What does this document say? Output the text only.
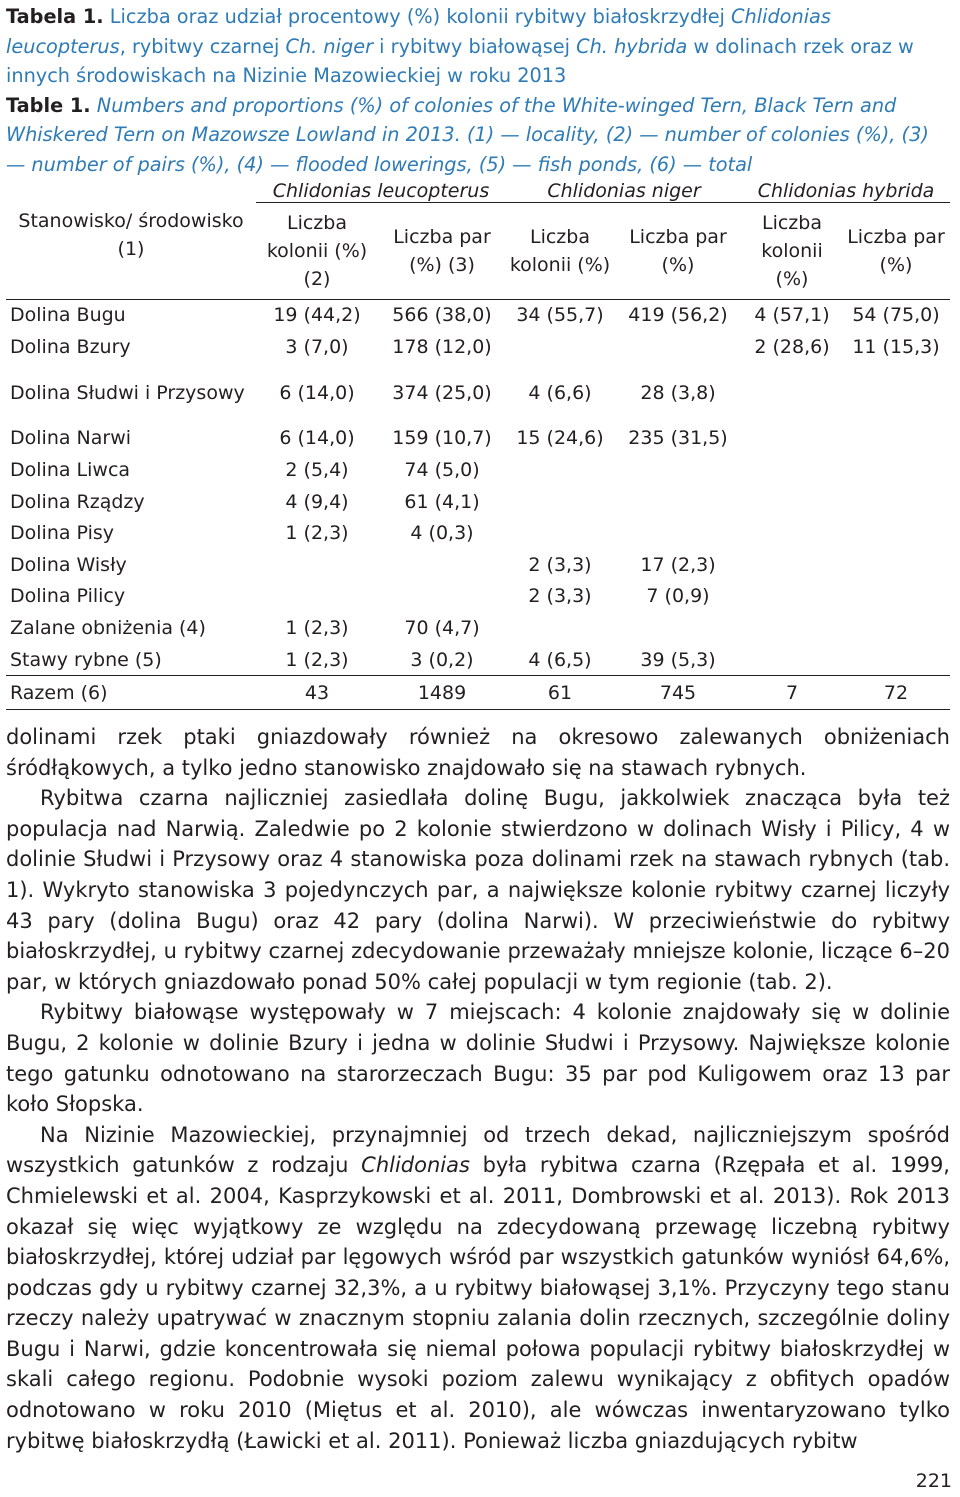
Tabela 1. Liczba oraz udział procentowy (%) kolonii rybitwy białoskrzydłej Chlidonias leucopterus, rybitwy czarnej Ch. niger i rybitwy białowąsej Ch. hybrida w dolinach rzek oraz w innych środowiskach na Nizinie Mazowieckiej w roku 2013

Table 1. Numbers and proportions (%) of colonies of the White-winged Tern, Black Tern and Whiskered Tern on Mazowsze Lowland in 2013. (1) — locality, (2) — number of colonies (%), (3) — number of pairs (%), (4) — flooded lowerings, (5) — fish ponds, (6) — total

	Chlidonias leucopterus		Chlidonias niger		Chlidonias hybrida	
Stanowisko/ środowisko (1)	Liczba kolonii (%) (2)	Liczba par (%) (3)	Liczba kolonii (%)	Liczba par (%)	Liczba kolonii (%)	Liczba par (%)
Dolina Bugu	19 (44,2)	566 (38,0)	34 (55,7)	419 (56,2)	4 (57,1)	54 (75,0)
Dolina Bzury	3 (7,0)	178 (12,0)			2 (28,6)	11 (15,3)
Dolina Słudwi i Przysowy	6 (14,0)	374 (25,0)	4 (6,6)	28 (3,8)		
Dolina Narwi	6 (14,0)	159 (10,7)	15 (24,6)	235 (31,5)		
Dolina Liwca	2 (5,4)	74 (5,0)				
Dolina Rządzy	4 (9,4)	61 (4,1)				
Dolina Pisy	1 (2,3)	4 (0,3)				
Dolina Wisły			2 (3,3)	17 (2,3)		
Dolina Pilicy			2 (3,3)	7 (0,9)		
Zalane obniżenia (4)	1 (2,3)	70 (4,7)				
Stawy rybne (5)	1 (2,3)	3 (0,2)	4 (6,5)	39 (5,3)		
Razem (6)	43	1489	61	745	7	72

dolinami rzek ptaki gniazdowały również na okresowo zalewanych obniżeniach śródłąkowych, a tylko jedno stanowisko znajdowało się na stawach rybnych.

Rybitwa czarna najliczniej zasiedlała dolinę Bugu, jakkolwiek znacząca była też populacja nad Narwią. Zaledwie po 2 kolonie stwierdzono w dolinach Wisły i Pilicy, 4 w dolinie Słudwi i Przysowy oraz 4 stanowiska poza dolinami rzek na stawach rybnych (tab. 1). Wykryto stanowiska 3 pojedynczych par, a największe kolonie rybitwy czarnej liczyły 43 pary (dolina Bugu) oraz 42 pary (dolina Narwi). W przeciwieństwie do rybitwy białoskrzydłej, u rybitwy czarnej zdecydowanie przeważały mniejsze kolonie, liczące 6–20 par, w których gniazdowało ponad 50% całej populacji w tym regionie (tab. 2).

Rybitwy białowąse występowały w 7 miejscach: 4 kolonie znajdowały się w dolinie Bugu, 2 kolonie w dolinie Bzury i jedna w dolinie Słudwi i Przysowy. Największe kolonie tego gatunku odnotowano na starorzeczach Bugu: 35 par pod Kuligowem oraz 13 par koło Słopska.

Na Nizinie Mazowieckiej, przynajmniej od trzech dekad, najliczniejszym spośród wszystkich gatunków z rodzaju Chlidonias była rybitwa czarna (Rzępała et al. 1999, Chmielewski et al. 2004, Kasprzykowski et al. 2011, Dombrowski et al. 2013). Rok 2013 okazał się więc wyjątkowy ze względu na zdecydowaną przewagę liczebną rybitwy białoskrzydłej, której udział par lęgowych wśród par wszystkich gatunków wyniósł 64,6%, podczas gdy u rybitwy czarnej 32,3%, a u rybitwy białowąsej 3,1%. Przyczyny tego stanu rzeczy należy upatrywać w znacznym stopniu zalania dolin rzecznych, szczególnie doliny Bugu i Narwi, gdzie koncentrowała się niemal połowa populacji rybitwy białoskrzydłej w skali całego regionu. Podobnie wysoki poziom zalewu wynikający z obfitych opadów odnotowano w roku 2010 (Miętus et al. 2010), ale wówczas inwentaryzowano tylko rybitwę białoskrzydłą (Ławicki et al. 2011). Ponieważ liczba gniazdujących rybitw

221
